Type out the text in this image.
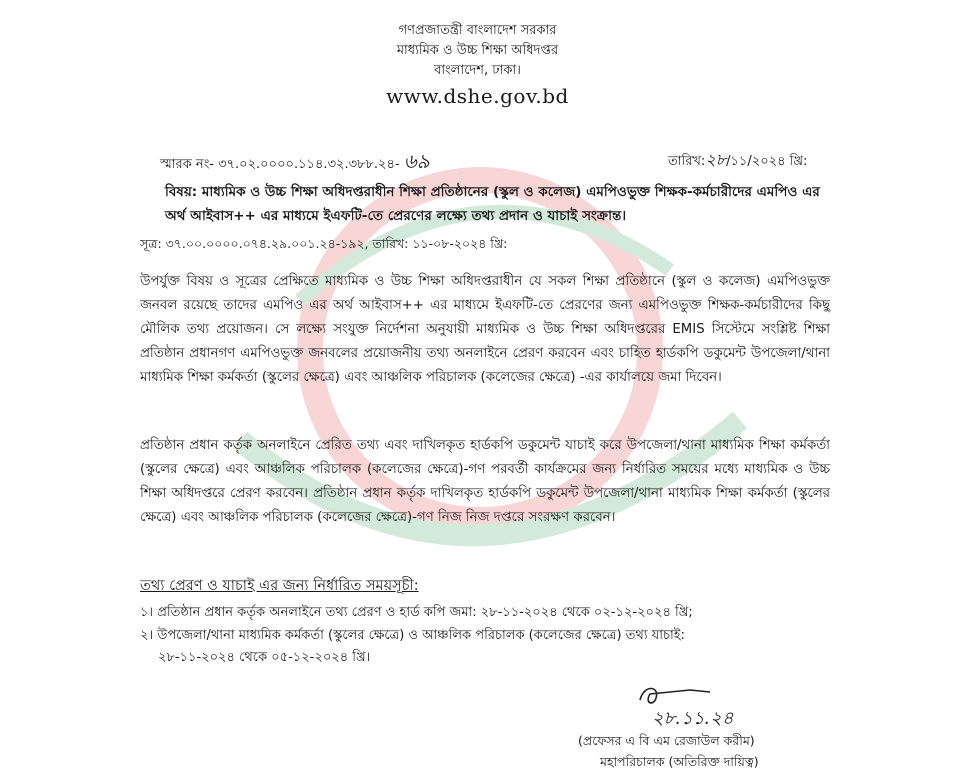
গণপ্রজাতন্ত্রী বাংলাদেশ সরকার
মাধ্যমিক ও উচ্চ শিক্ষা অধিদপ্তর
বাংলাদেশ, ঢাকা।
www.dshe.gov.bd
স্মারক নং- ৩৭.০২.০০০০.১১৪.৩২.৩৮৮.২৪- ৬৯	তারিখ:২৮/১১/২০২৪ খ্রি:
বিষয়: মাধ্যমিক ও উচ্চ শিক্ষা অধিদপ্তরাধীন শিক্ষা প্রতিষ্ঠানের (স্কুল ও কলেজ) এমপিওভুক্ত শিক্ষক-কর্মচারীদের এমপিও এর অর্থ আইবাস++ এর মাধ্যমে ইএফটি-তে প্রেরণের লক্ষ্যে তথ্য প্রদান ও যাচাই সংক্রান্ত।
সূত্র: ৩৭.০০.০০০০.০৭৪.২৯.০০১.২৪-১৯২, তারিখ: ১১-০৮-২০২৪ খ্রি:
উপর্যুক্ত বিষয় ও সূত্রের প্রেক্ষিতে মাধ্যমিক ও উচ্চ শিক্ষা অধিদপ্তরাধীন যে সকল শিক্ষা প্রতিষ্ঠানে (স্কুল ও কলেজ) এমপিওভুক্ত জনবল রয়েছে তাদের এমপিও এর অর্থ আইবাস++ এর মাধ্যমে ইএফটি-তে প্রেরণের জন্য এমপিওভুক্ত শিক্ষক-কর্মচারীদের কিছু মৌলিক তথ্য প্রয়োজন। সে লক্ষ্যে সংযুক্ত নির্দেশনা অনুযায়ী মাধ্যমিক ও উচ্চ শিক্ষা অধিদপ্তরের EMIS সিস্টেমে সংশ্লিষ্ট শিক্ষা প্রতিষ্ঠান প্রধানগণ এমপিওভুক্ত জনবলের প্রয়োজনীয় তথ্য অনলাইনে প্রেরণ করবেন এবং চাহিত হার্ডকপি ডকুমেন্ট উপজেলা/থানা মাধ্যমিক শিক্ষা কর্মকর্তা (স্কুলের ক্ষেত্রে) এবং আঞ্চলিক পরিচালক (কলেজের ক্ষেত্রে) -এর কার্যালয়ে জমা দিবেন।
প্রতিষ্ঠান প্রধান কর্তৃক অনলাইনে প্রেরিত তথ্য এবং দাখিলকৃত হার্ডকপি ডকুমেন্ট যাচাই করে উপজেলা/থানা মাধ্যমিক শিক্ষা কর্মকর্তা (স্কুলের ক্ষেত্রে) এবং আঞ্চলিক পরিচালক (কলেজের ক্ষেত্রে)-গণ পরবর্তী কার্যক্রমের জন্য নির্ধারিত সময়ের মধ্যে মাধ্যমিক ও উচ্চ শিক্ষা অধিদপ্তরে প্রেরণ করবেন। প্রতিষ্ঠান প্রধান কর্তৃক দাখিলকৃত হার্ডকপি ডকুমেন্ট উপজেলা/থানা মাধ্যমিক শিক্ষা কর্মকর্তা (স্কুলের ক্ষেত্রে) এবং আঞ্চলিক পরিচালক (কলেজের ক্ষেত্রে)-গণ নিজ নিজ দপ্তরে সংরক্ষণ করবেন।
তথ্য প্রেরণ ও যাচাই এর জন্য নির্ধারিত সময়সূচী:
১। প্রতিষ্ঠান প্রধান কর্তৃক অনলাইনে তথ্য প্রেরণ ও হার্ড কপি জমা: ২৮-১১-২০২৪ থেকে ০২-১২-২০২৪ খ্রি;
২। উপজেলা/থানা মাধ্যমিক কর্মকর্তা (স্কুলের ক্ষেত্রে) ও আঞ্চলিক পরিচালক (কলেজের ক্ষেত্রে) তথ্য যাচাই:
২৮-১১-২০২৪ থেকে ০৫-১২-২০২৪ খ্রি।
২৮.১১.২৪
(প্রফেসর এ বি এম রেজাউল করীম)
মহাপরিচালক (অতিরিক্ত দায়িত্ব)
